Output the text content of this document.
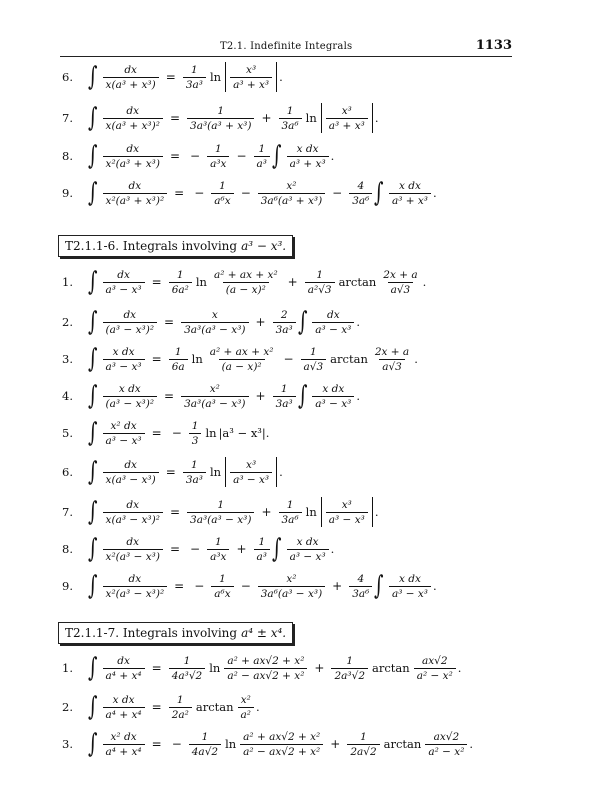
T2.1. Indefinite Integrals	1133
6. ∫ $\frac{dx}{\text{x(a³ + x³)}} = \frac{1}{\text{3a³}}$ $\ln \frac{\text{x³}}{\text{a³ + x³}}$ .
7. ∫ $\frac{dx}{\text{x(a³ + x³)²}} = \frac{1}{\text{3a³(a³ + x³)}} + \frac{1}{\text{3a⁶}}$ $\ln \frac{\text{x³}}{\text{a³ + x³}}$ .
8. ∫ $\frac{dx}{\text{x²(a³ + x³)}}$ = − $\frac{1}{\text{a³x}} - \frac{1}{\text{a³}}$ ∫ $\frac{\text{x dx}}{\text{a³ + x³}}$ .
9. ∫ $\frac{dx}{\text{x²(a³ + x³)²}}$ = − $\frac{1}{\text{a⁶x}} - \frac{\text{x²}}{\text{3a⁶(a³ + x³)}} - \frac{4}{\text{3a⁶}}$ ∫ $\frac{\text{x dx}}{\text{a³ + x³}}$ .
T2.1.1-6. Integrals involving a³ − x³.
1. ∫ $\frac{dx}{\text{a³ − x³}} = \frac{1}{\text{6a²}}$ $\ln \frac{\text{a² + ax + x²}}{\text{(a − x)²}} + \frac{1}{\text{a²√3}}$ $\arctan \frac{2x + a}{a√3}$ .
2. ∫ $\frac{dx}{\text{(a³ − x³)²}} = \frac{x}{\text{3a³(a³ − x³)}} + \frac{2}{\text{3a³}}$ ∫ $\frac{dx}{\text{a³ − x³}}$ .
3. ∫ $\frac{\text{x dx}}{\text{a³ − x³}} = \frac{1}{6a}$ $\ln \frac{\text{a² + ax + x²}}{\text{(a − x)²}} - \frac{1}{a√3}$ $\arctan \frac{2x + a}{a√3}$ .
4. ∫ $\frac{\text{x dx}}{\text{(a³ − x³)²}} = \frac{\text{x²}}{\text{3a³(a³ − x³)}} + \frac{1}{\text{3a³}}$ ∫ $\frac{\text{x dx}}{\text{a³ − x³}}$ .
5. ∫ $\frac{\text{x² dx}}{\text{a³ − x³}}$ = − $\frac{1}{3}$ ln |a³ − x³|.
6. ∫ $\frac{dx}{\text{x(a³ − x³)}} = \frac{1}{\text{3a³}}$ $\ln \frac{\text{x³}}{\text{a³ − x³}}$ .
7. ∫ $\frac{dx}{\text{x(a³ − x³)²}} = \frac{1}{\text{3a³(a³ − x³)}} + \frac{1}{\text{3a⁶}}$ $\ln \frac{\text{x³}}{\text{a³ − x³}}$ .
8. ∫ $\frac{dx}{\text{x²(a³ − x³)}}$ = − $\frac{1}{\text{a³x}} + \frac{1}{\text{a³}}$ ∫ $\frac{\text{x dx}}{\text{a³ − x³}}$ .
9. ∫ $\frac{dx}{\text{x²(a³ − x³)²}}$ = − $\frac{1}{\text{a⁶x}} - \frac{\text{x²}}{\text{3a⁶(a³ − x³)}} + \frac{4}{\text{3a⁶}}$ ∫ $\frac{\text{x dx}}{\text{a³ − x³}}$ .
T2.1.1-7. Integrals involving a⁴ ± x⁴.
1. ∫ $\frac{dx}{\text{a⁴ + x⁴}} = \frac{1}{\text{4a³√2}}$ $\ln \frac{\text{a² + ax√2 + x²}}{\text{a² − ax√2 + x²}} + \frac{1}{\text{2a³√2}}$ $\arctan \frac{ax√2}{\text{a² − x²}}$ .
2. ∫ $\frac{\text{x dx}}{\text{a⁴ + x⁴}} = \frac{1}{\text{2a²}}$ $\arctan \frac{\text{x²}}{\text{a²}}$ .
3. ∫ $\frac{\text{x² dx}}{\text{a⁴ + x⁴}}$ = − $\frac{1}{4a√2}$ $\ln \frac{\text{a² + ax√2 + x²}}{\text{a² − ax√2 + x²}} + \frac{1}{2a√2}$ $\arctan \frac{ax√2}{\text{a² − x²}}$ .
